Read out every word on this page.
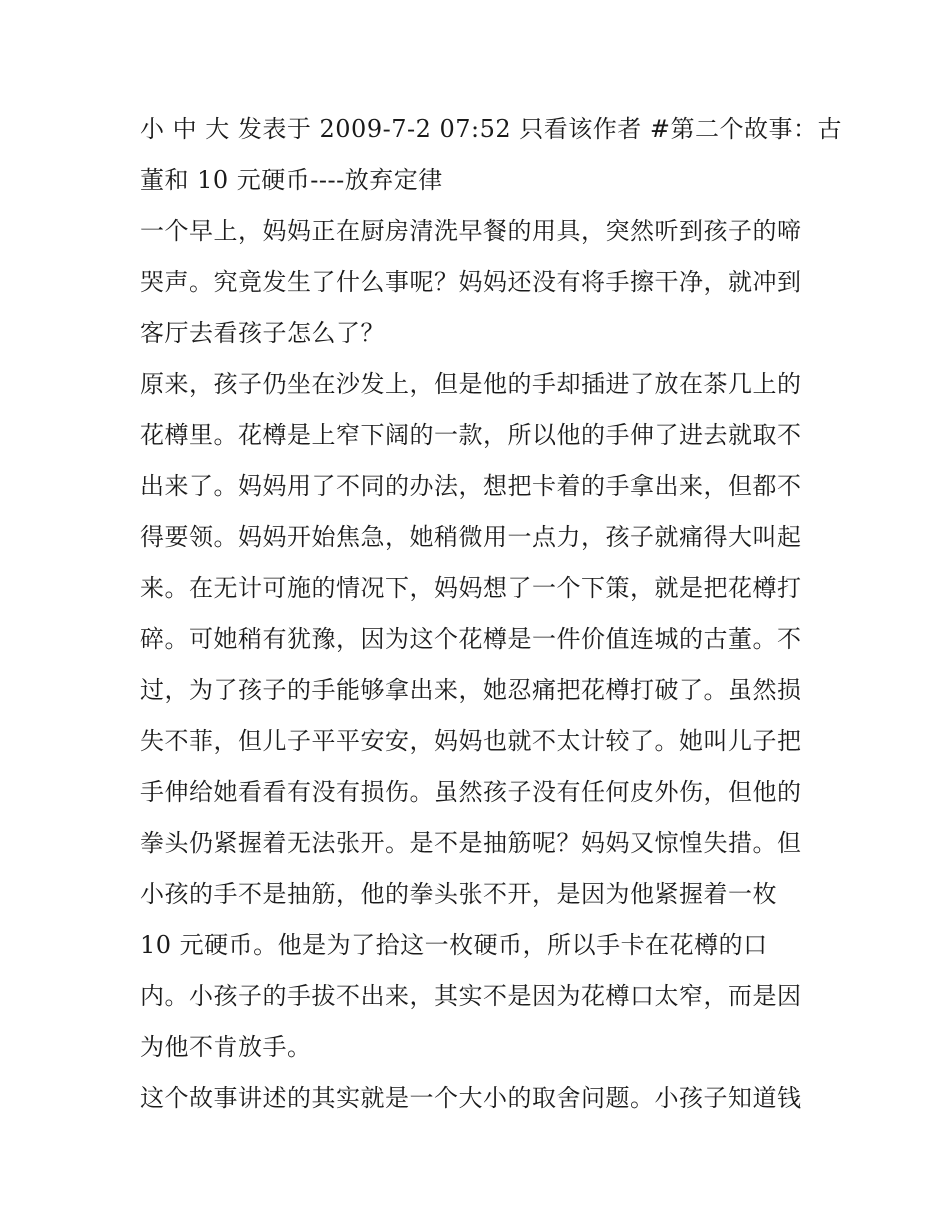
小 中 大 发表于 2009-7-2 07:52 只看该作者 #第二个故事：古
董和 10 元硬币----放弃定律
一个早上，妈妈正在厨房清洗早餐的用具，突然听到孩子的啼
哭声。究竟发生了什么事呢？妈妈还没有将手擦干净，就冲到
客厅去看孩子怎么了？
原来，孩子仍坐在沙发上，但是他的手却插进了放在茶几上的
花樽里。花樽是上窄下阔的一款，所以他的手伸了进去就取不
出来了。妈妈用了不同的办法，想把卡着的手拿出来，但都不
得要领。妈妈开始焦急，她稍微用一点力，孩子就痛得大叫起
来。在无计可施的情况下，妈妈想了一个下策，就是把花樽打
碎。可她稍有犹豫，因为这个花樽是一件价值连城的古董。不
过，为了孩子的手能够拿出来，她忍痛把花樽打破了。虽然损
失不菲，但儿子平平安安，妈妈也就不太计较了。她叫儿子把
手伸给她看看有没有损伤。虽然孩子没有任何皮外伤，但他的
拳头仍紧握着无法张开。是不是抽筋呢？妈妈又惊惶失措。但
小孩的手不是抽筋，他的拳头张不开，是因为他紧握着一枚
10 元硬币。他是为了拾这一枚硬币，所以手卡在花樽的口
内。小孩子的手拔不出来，其实不是因为花樽口太窄，而是因
为他不肯放手。
这个故事讲述的其实就是一个大小的取舍问题。小孩子知道钱
